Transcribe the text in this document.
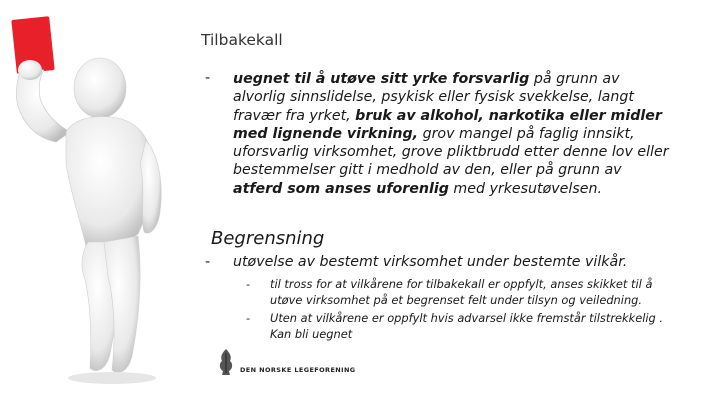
Tilbakekall
- uegnet til å utøve sitt yrke forsvarlig på grunn av alvorlig sinnslidelse, psykisk eller fysisk svekkelse, langt fravær fra yrket, bruk av alkohol, narkotika eller midler med lignende virkning, grov mangel på faglig innsikt, uforsvarlig virksomhet, grove pliktbrudd etter denne lov eller bestemmelser gitt i medhold av den, eller på grunn av atferd som anses uforenlig med yrkesutøvelsen.
Begrensning
- utøvelse av bestemt virksomhet under bestemte vilkår.
- til tross for at vilkårene for tilbakekall er oppfylt, anses skikket til å utøve virksomhet på et begrenset felt under tilsyn og veiledning.
- Uten at vilkårene er oppfylt hvis advarsel ikke fremstår tilstrekkelig . Kan bli uegnet
DEN NORSKE LEGEFORENING
